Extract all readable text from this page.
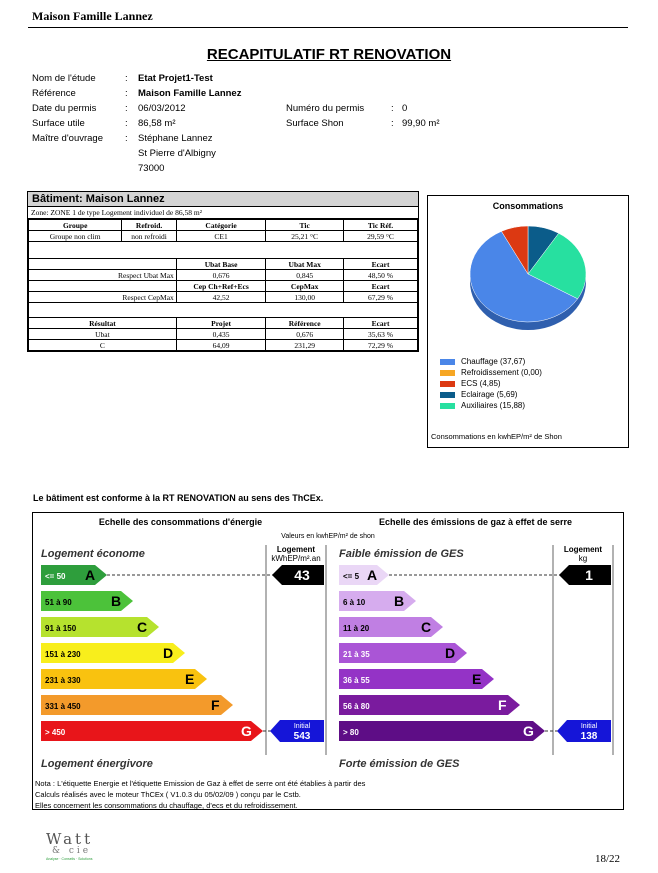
Maison Famille Lannez
RECAPITULATIF RT RENOVATION
Nom de l'étude	: Etat Projet1-Test
Référence	: Maison Famille Lannez
Date du permis	: 06/03/2012	Numéro du permis	: 0
Surface utile	: 86,58 m²	Surface Shon	: 99,90 m²
Maître d'ouvrage : Stéphane Lannez
St Pierre d'Albigny
73000
Bâtiment: Maison Lannez
Zone: ZONE 1 de type Logement individuel de 86,58 m²
Groupe	Refroid.	Catégorie	Tic	Tic Réf.
Groupe non clim	non refroidi	CE1	25,21 °C	29,59 °C

		Ubat Base	Ubat Max	Ecart
Respect Ubat Max		0,676	0,845	48,50 %
		Cep Ch+Ref+Ecs	CepMax	Ecart
Respect CepMax		42,52	130,00	67,29 %

Résultat		Projet	Référence	Ecart
Ubat		0,435	0,676	35,63 %
C		64,09	231,29	72,29 %
Consommations
Chauffage (37,67)
Refroidissement (0,00)
ECS (4,85)
Eclairage (5,69)
Auxiliaires (15,88)
Consommations en kwhEP/m² de Shon
Le bâtiment est conforme à la RT RENOVATION au sens des ThCEx.
Echelle des consommations d'énergie	Echelle des émissions de gaz à effet de serre
Valeurs en kwhEP/m² de shon
Logement économe
Logement énergivore
Logement
kWhEP/m².an
<= 50 A
51 à 90	B
91 à 150	C
151 à 230	D
231 à 330	E
331 à 450	F
> 450	G
43
Initial
543
Faible émission de GES
Forte émission de GES
Logement
kg
<= 5 A
6 à 10 B
11 à 20	C
21 à 35	D
36 à 55	E
56 à 80	F
> 80	G
1
Initial
138
Nota : L'étiquette Energie et l'étiquette Emission de Gaz à effet de serre ont été établies à partir des
Calculs réalisés avec le moteur ThCEx ( V1.0.3 du 05/02/09 ) conçu par le Cstb.
Elles concernent les consommations du chauffage, d'ecs et du refroidissement.
Watt
& cie
Analyse · Conseils · Solutions	18/22
